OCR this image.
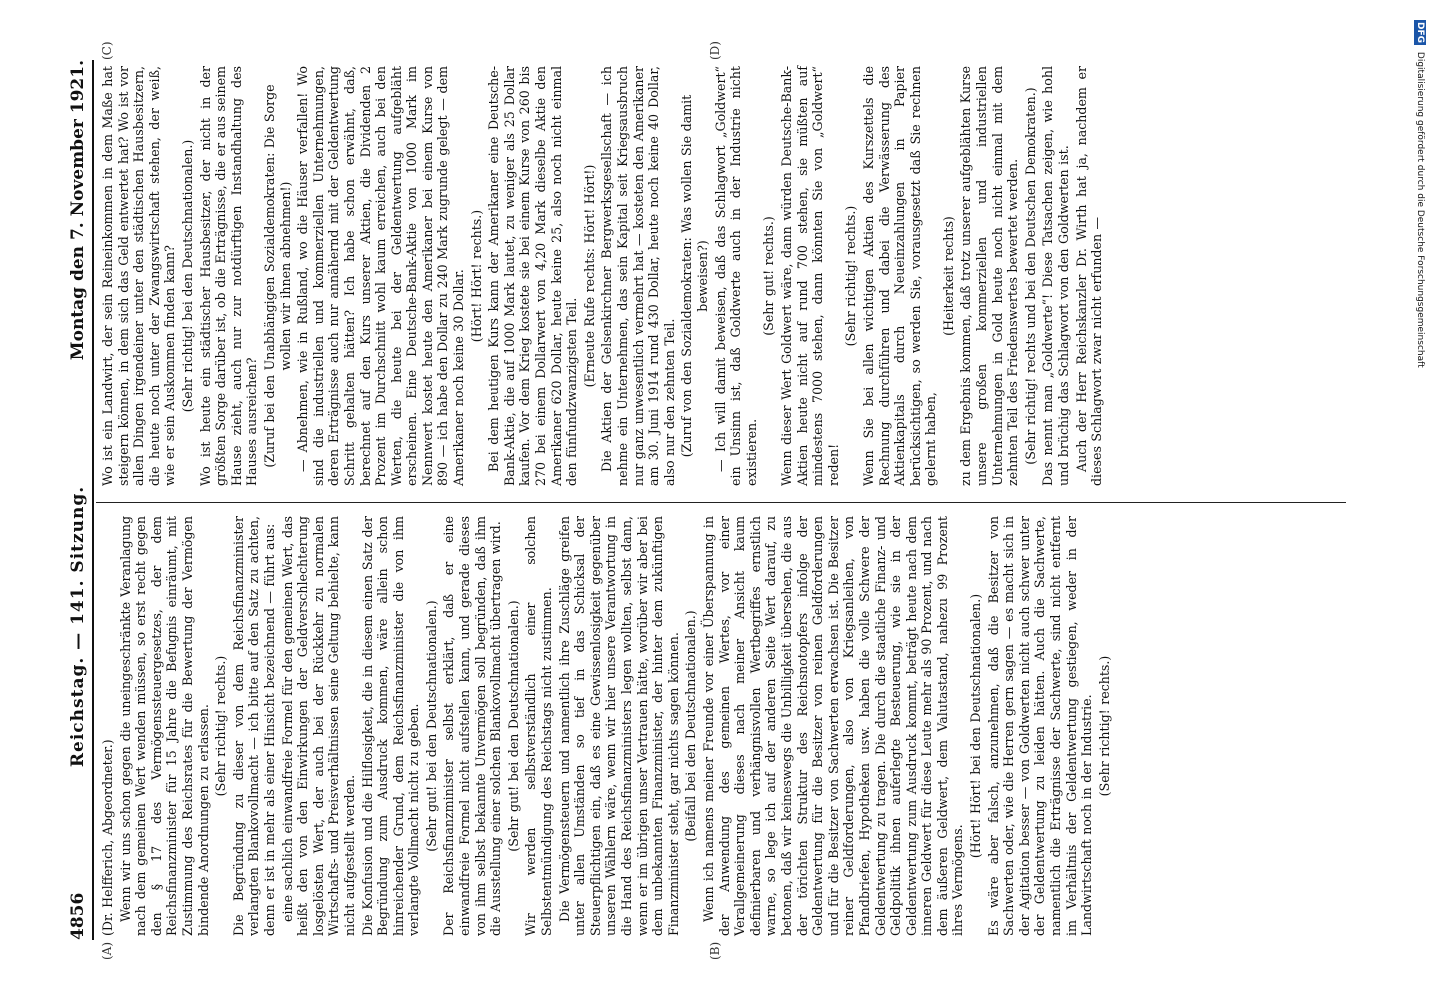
4856
Reichstag. — 141. Sitzung.
Montag den 7. November 1921.
(A)	(B)
(C)	(D)

(Dr. Helfferich, Abgeordneter.) Wenn wir uns schon gegen die uneingeschränkte Veranlagung nach dem gemeinen Wert wenden müssen, so erst recht gegen den § 17 des Vermögenssteuergesetzes, der dem Reichsfinanzminister für 15 Jahre die Befugnis einräumt, mit Zustimmung des Reichsrates für die Bewertung der Vermögen bindende Anordnungen zu erlassen. (Sehr richtig! rechts.) Die Begründung zu dieser von dem Reichsfinanzminister verlangten Blankovollmacht — ich bitte auf den Satz zu achten, denn er ist in mehr als einer Hinsicht bezeichnend — führt aus: eine sachlich einwandfreie Formel für den gemeinen Wert, das heißt den von den Einwirkungen der Geldverschlechterung losgelösten Wert, der auch bei der Rückkehr zu normalen Wirtschafts- und Preisverhältnissen seine Geltung behielte, kann nicht aufgestellt werden. Die Konfusion und die Hilflosigkeit, die in diesem einen Satz der Begründung zum Ausdruck kommen, wäre allein schon hinreichender Grund, dem Reichsfinanzminister die von ihm verlangte Vollmacht nicht zu geben. (Sehr gut! bei den Deutschnationalen.) Der Reichsfinanzminister selbst erklärt, daß er eine einwandfreie Formel nicht aufstellen kann, und gerade dieses von ihm selbst bekannte Unvermögen soll begründen, daß ihm die Ausstellung einer solchen Blankovollmacht übertragen wird. (Sehr gut! bei den Deutschnationalen.) Wir werden selbstverständlich einer solchen Selbstentmündigung des Reichstags nicht zustimmen. Die Vermögensteuern und namentlich ihre Zuschläge greifen unter allen Umständen so tief in das Schicksal der Steuerpflichtigen ein, daß es eine Gewissenlosigkeit gegenüber unseren Wählern wäre, wenn wir hier unsere Verantwortung in die Hand des Reichsfinanzministers legen wollten, selbst dann, wenn er im übrigen unser Vertrauen hätte, worüber wir aber bei dem unbekannten Finanzminister, der hinter dem zukünftigen Finanzminister steht, gar nichts sagen können. (Beifall bei den Deutschnationalen.) Wenn ich namens meiner Freunde vor einer Überspannung in der Anwendung des gemeinen Wertes, vor einer Verallgemeinerung dieses nach meiner Ansicht kaum definierbaren und verhängnisvollen Wertbegriffes ernstlich warne, so lege ich auf der anderen Seite Wert darauf, zu betonen, daß wir keineswegs die Unbilligkeit übersehen, die aus der törichten Struktur des Reichsnotopfers infolge der Geldentwertung für die Besitzer von reinen Geldforderungen und für die Besitzer von Sachwerten erwachsen ist. Die Besitzer reiner Geldforderungen, also von Kriegsanleihen, von Pfandbriefen, Hypotheken usw. haben die volle Schwere der Geldentwertung zu tragen. Die durch die staatliche Finanz- und Geldpolitik ihnen auferlegte Besteuerung, wie sie in der Geldentwertung zum Ausdruck kommt, beträgt heute nach dem inneren Geldwert für diese Leute mehr als 90 Prozent, und nach dem äußeren Geldwert, dem Valutastand, nahezu 99 Prozent ihres Vermögens.

(Hört! Hört! bei den Deutschnationalen.) Es wäre aber falsch, anzunehmen, daß die Besitzer von Sachwerten oder, wie die Herren gern sagen — es macht sich in der Agitation besser — von Goldwerten nicht auch schwer unter der Geldentwertung zu leiden hätten. Auch die Sachwerte, namentlich die Erträgnisse der Sachwerte, sind nicht entfernt im Verhältnis der Geldentwertung gestiegen, weder in der Landwirtschaft noch in der Industrie. (Sehr richtig! rechts.)

Wo ist ein Landwirt, der sein Reineinkommen in dem Maße hat steigern können, in dem sich das Geld entwertet hat? Wo ist vor allen Dingen irgendeiner unter den städtischen Hausbesitzern, die heute noch unter der Zwangswirtschaft stehen, der weiß, wie er sein Auskommen finden kann? (Sehr richtig! bei den Deutschnationalen.) Wo ist heute ein städtischer Hausbesitzer, der nicht in der größten Sorge darüber ist, ob die Erträgnisse, die er aus seinem Hause zieht, auch nur zur notdürftigen Instandhaltung des Hauses ausreichen? (Zuruf bei den Unabhängigen Sozialdemokraten: Die Sorge wollen wir ihnen abnehmen!) — Abnehmen, wie in Rußland, wo die Häuser verfallen! Wo sind die industriellen und kommerziellen Unternehmungen, deren Erträgnisse auch nur annähernd mit der Geldentwertung Schritt gehalten hätten? Ich habe schon erwähnt, daß, berechnet auf den Kurs unserer Aktien, die Dividenden 2 Prozent im Durchschnitt wohl kaum erreichen, auch bei den Werten, die heute bei der Geldentwertung aufgebläht erscheinen. Eine Deutsche-Bank-Aktie von 1000 Mark im Nennwert kostet heute den Amerikaner bei einem Kurse von 890 — ich habe den Dollar zu 240 Mark zugrunde gelegt — dem Amerikaner noch keine 30 Dollar. (Hört! Hört! rechts.) Bei dem heutigen Kurs kann der Amerikaner eine Deutsche-Bank-Aktie, die auf 1000 Mark lautet, zu weniger als 25 Dollar kaufen. Vor dem Krieg kostete sie bei einem Kurse von 260 bis 270 bei einem Dollarwert von 4,20 Mark dieselbe Aktie den Amerikaner 620 Dollar, heute keine 25, also noch nicht einmal den fünfundzwanzigsten Teil.

(Erneute Rufe rechts: Hört! Hört!) Die Aktien der Gelsenkirchner Bergwerksgesellschaft — ich nehme ein Unternehmen, das sein Kapital seit Kriegsausbruch nur ganz unwesentlich vermehrt hat — kosteten den Amerikaner am 30. Juni 1914 rund 430 Dollar, heute noch keine 40 Dollar, also nur den zehnten Teil. (Zuruf von den Sozialdemokraten: Was wollen Sie damit beweisen?) — Ich will damit beweisen, daß das Schlagwort „Goldwert“ ein Unsinn ist, daß Goldwerte auch in der Industrie nicht existieren.

(Sehr gut! rechts.) Wenn dieser Wert Goldwert wäre, dann würden Deutsche-Bank-Aktien heute nicht auf rund 700 stehen, sie müßten auf mindestens 7000 stehen, dann könnten Sie von „Goldwert“ reden!

(Sehr richtig! rechts.) Wenn Sie bei allen wichtigen Aktien des Kurszettels die Rechnung durchführen und dabei die Verwässerung des Aktienkapitals durch Neueinzahlungen in Papier berücksichtigen, so werden Sie, vorausgesetzt daß Sie rechnen gelernt haben,

(Heiterkeit rechts) zu dem Ergebnis kommen, daß trotz unserer aufgeblähten Kurse unsere großen kommerziellen und industriellen Unternehmungen in Gold heute noch nicht einmal mit dem zehnten Teil des Friedenswertes bewertet werden. (Sehr richtig! rechts und bei den Deutschen Demokraten.) Das nennt man „Goldwerte“! Diese Tatsachen zeigen, wie hohl und brüchig das Schlagwort von den Goldwerten ist. Auch der Herr Reichskanzler Dr. Wirth hat ja, nachdem er dieses Schlagwort zwar nicht erfunden —

DFG Digitalisierung gefördert durch die Deutsche Forschungsgemeinschaft
